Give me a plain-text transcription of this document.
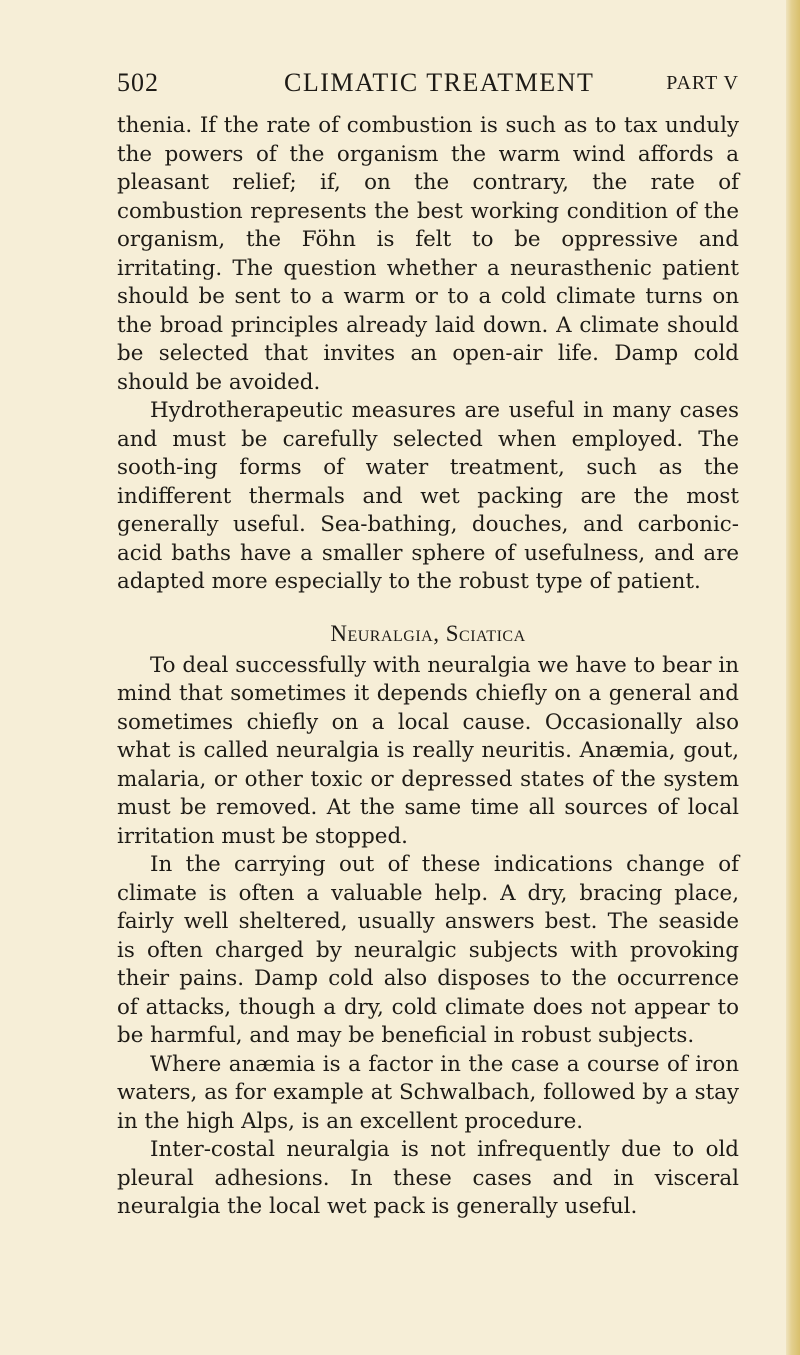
502	CLIMATIC TREATMENT	PART V

thenia. If the rate of combustion is such as to tax unduly the powers of the organism the warm wind affords a pleasant relief; if, on the contrary, the rate of combustion represents the best working condition of the organism, the Föhn is felt to be oppressive and irritating. The question whether a neurasthenic patient should be sent to a warm or to a cold climate turns on the broad principles already laid down. A climate should be selected that invites an open-air life. Damp cold should be avoided.

Hydrotherapeutic measures are useful in many cases and must be carefully selected when employed. The sooth-ing forms of water treatment, such as the indifferent thermals and wet packing are the most generally useful. Sea-bathing, douches, and carbonic-acid baths have a smaller sphere of usefulness, and are adapted more especially to the robust type of patient.

Neuralgia, Sciatica

To deal successfully with neuralgia we have to bear in mind that sometimes it depends chiefly on a general and sometimes chiefly on a local cause. Occasionally also what is called neuralgia is really neuritis. Anæmia, gout, malaria, or other toxic or depressed states of the system must be removed. At the same time all sources of local irritation must be stopped.

In the carrying out of these indications change of climate is often a valuable help. A dry, bracing place, fairly well sheltered, usually answers best. The seaside is often charged by neuralgic subjects with provoking their pains. Damp cold also disposes to the occurrence of attacks, though a dry, cold climate does not appear to be harmful, and may be beneficial in robust subjects.

Where anæmia is a factor in the case a course of iron waters, as for example at Schwalbach, followed by a stay in the high Alps, is an excellent procedure.

Inter-costal neuralgia is not infrequently due to old pleural adhesions. In these cases and in visceral neuralgia the local wet pack is generally useful.
